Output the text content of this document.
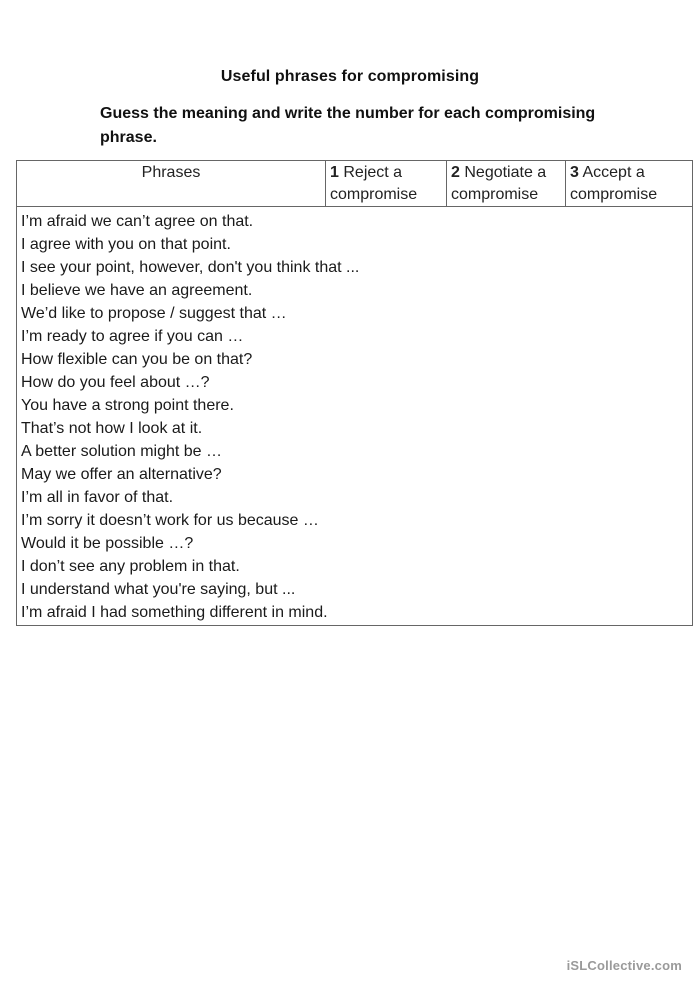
Useful phrases for compromising
Guess the meaning and write the number for each compromising phrase.
Phrases	1 Reject a compromise
2 Negotiate a compromise
3 Accept a compromise
I’m afraid we can’t agree on that.
I agree with you on that point.
I see your point, however, don't you think that ...
I believe we have an agreement.
We’d like to propose / suggest that …
I’m ready to agree if you can …
How flexible can you be on that?
How do you feel about …?
You have a strong point there.
That’s not how I look at it.
A better solution might be …
May we offer an alternative?
I’m all in favor of that.
I’m sorry it doesn’t work for us because …
Would it be possible …?
I don’t see any problem in that.
I understand what you're saying, but ...
I’m afraid I had something different in mind.
iSLCollective.com
